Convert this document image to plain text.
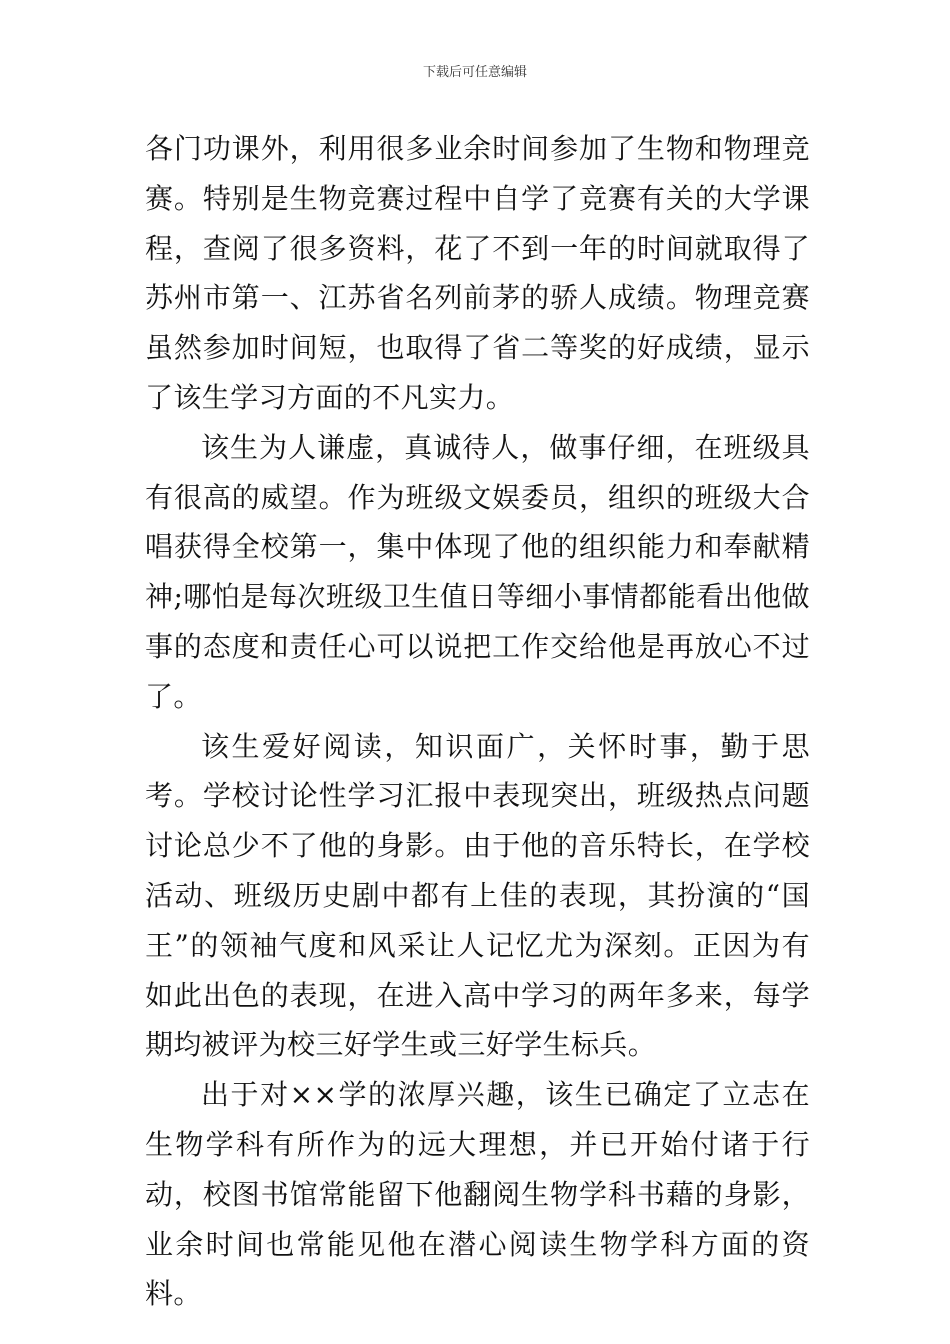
下载后可任意编辑

各门功课外，利用很多业余时间参加了生物和物理竞赛。特别是生物竞赛过程中自学了竞赛有关的大学课程，查阅了很多资料，花了不到一年的时间就取得了苏州市第一、江苏省名列前茅的骄人成绩。物理竞赛虽然参加时间短，也取得了省二等奖的好成绩，显示了该生学习方面的不凡实力。

该生为人谦虚，真诚待人，做事仔细，在班级具有很高的威望。作为班级文娱委员，组织的班级大合唱获得全校第一，集中体现了他的组织能力和奉献精神;哪怕是每次班级卫生值日等细小事情都能看出他做事的态度和责任心可以说把工作交给他是再放心不过了。

该生爱好阅读，知识面广，关怀时事，勤于思考。学校讨论性学习汇报中表现突出，班级热点问题讨论总少不了他的身影。由于他的音乐特长，在学校活动、班级历史剧中都有上佳的表现，其扮演的“国王”的领袖气度和风采让人记忆尤为深刻。正因为有如此出色的表现，在进入高中学习的两年多来，每学期均被评为校三好学生或三好学生标兵。

出于对××学的浓厚兴趣，该生已确定了立志在生物学科有所作为的远大理想，并已开始付诸于行动，校图书馆常能留下他翻阅生物学科书藉的身影，业余时间也常能见他在潜心阅读生物学科方面的资料。
